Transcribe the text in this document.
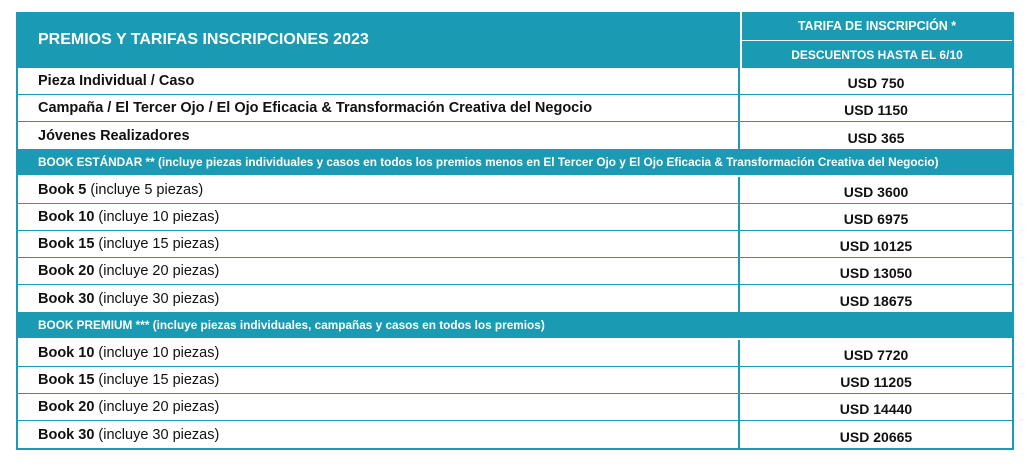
PREMIOS Y TARIFAS INSCRIPCIONES 2023
TARIFA DE INSCRIPCIÓN *
DESCUENTOS HASTA EL 6/10
Pieza Individual / Caso	USD 750
Campaña / El Tercer Ojo / El Ojo Eficacia & Transformación Creativa del Negocio	USD 1150
Jóvenes Realizadores	USD 365
BOOK ESTÁNDAR ** (incluye piezas individuales y casos en todos los premios menos en El Tercer Ojo y El Ojo Eficacia & Transformación Creativa del Negocio)
Book 5 (incluye 5 piezas)	USD 3600
Book 10 (incluye 10 piezas)	USD 6975
Book 15 (incluye 15 piezas)	USD 10125
Book 20 (incluye 20 piezas)	USD 13050
Book 30 (incluye 30 piezas)	USD 18675
BOOK PREMIUM *** (incluye piezas individuales, campañas y casos en todos los premios)
Book 10 (incluye 10 piezas)	USD 7720
Book 15 (incluye 15 piezas)	USD 11205
Book 20 (incluye 20 piezas)	USD 14440
Book 30 (incluye 30 piezas)	USD 20665
